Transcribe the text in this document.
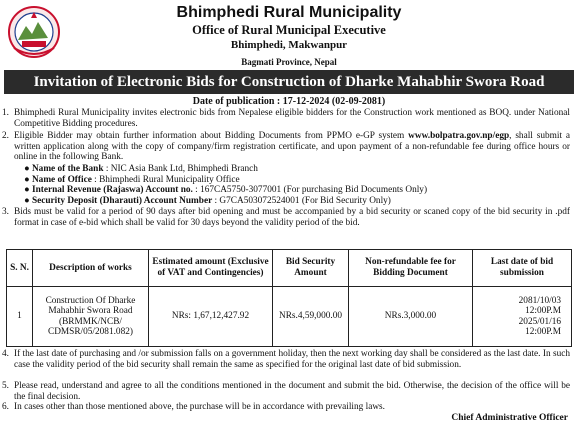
Bhimphedi Rural Municipality
Office of Rural Municipal Executive
Bhimphedi, Makwanpur
Bagmati Province, Nepal
Invitation of Electronic Bids for Construction of Dharke Mahabhir Swora Road
Date of publication : 17-12-2024 (02-09-2081)
1. Bhimphedi Rural Municipality invites electronic bids from Nepalese eligible bidders for the Construction work mentioned as BOQ. under National Competitive Bidding procedures.
2. Eligible Bidder may obtain further information about Bidding Documents from PPMO e-GP system www.bolpatra.gov.np/egp, shall submit a written application along with the copy of company/firm registration certificate, and upon payment of a non-refundable fee during office hours or online in the following Bank.
● Name of the Bank : NIC Asia Bank Ltd, Bhimphedi Branch
● Name of Office : Bhimphedi Rural Municipality Office
● Internal Revenue (Rajaswa) Account no. : 167CA5750-3077001 (For purchasing Bid Documents Only)
● Security Deposit (Dharauti) Account Number : G7CA503072524001 (For Bid Security Only)
3. Bids must be valid for a period of 90 days after bid opening and must be accompanied by a bid security or scaned copy of the bid security in .pdf format in case of e-bid which shall be valid for 30 days beyond the validity period of the bid.
S. N.	Description of works	Estimated amount (Exclusive of VAT and Contingencies)	Bid Security Amount	Non-refundable fee for Bidding Document	Last date of bid submission
1	Construction Of Dharke Mahabhir Swora Road (BRMMK/NCB/ CDMSR/05/2081.082)	NRs: 1,67,12,427.92	NRs.4,59,000.00	NRs.3,000.00	2081/10/03
12:00P.M
2025/01/16
12:00P.M
4. If the last date of purchasing and /or submission falls on a government holiday, then the next working day shall be considered as the last date. In such case the validity period of the bid security shall remain the same as specified for the original last date of bid submission.
5. Please read, understand and agree to all the conditions mentioned in the document and submit the bid. Otherwise, the decision of the office will be the final decision.
6. In cases other than those mentioned above, the purchase will be in accordance with prevailing laws.
Chief Administrative Officer
